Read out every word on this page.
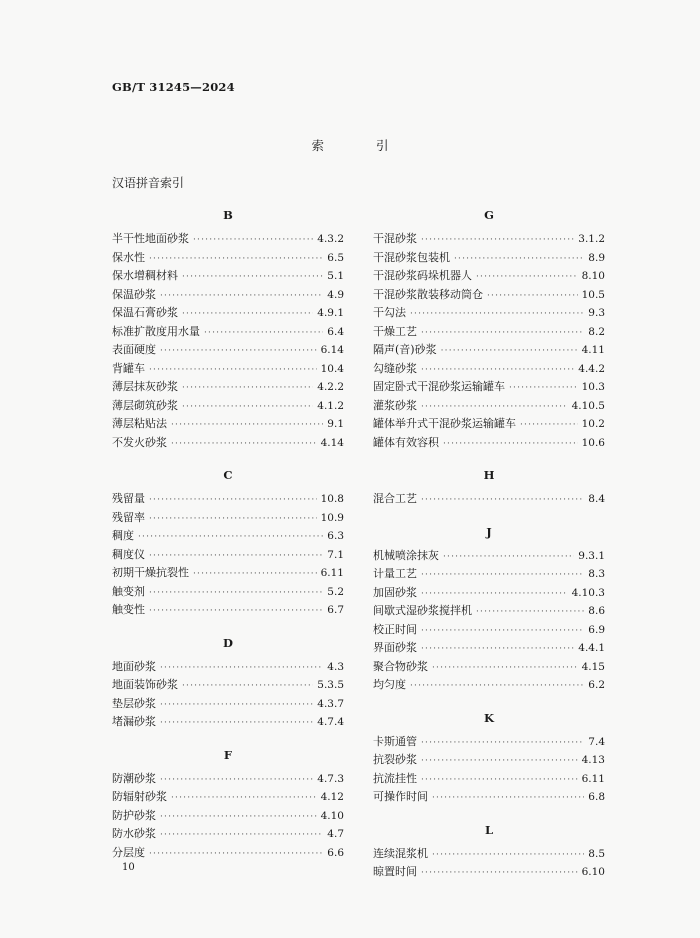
GB/T 31245—2024
索引
汉语拼音索引
B
半干性地面砂浆 ·····	4.3.2
保水性 ·····	6.5
保水增稠材料 ·····	5.1
保温砂浆 ·····	4.9
保温石膏砂浆 ·····	4.9.1
标准扩散度用水量 ·····	6.4
表面硬度 ·····	6.14
背罐车 ·····	10.4
薄层抹灰砂浆 ·····	4.2.2
薄层砌筑砂浆 ·····	4.1.2
薄层粘贴法 ·····	9.1
不发火砂浆 ·····	4.14
C
残留量 ·····	10.8
残留率 ·····	10.9
稠度 ·····	6.3
稠度仪 ·····	7.1
初期干燥抗裂性 ·····	6.11
触变剂 ·····	5.2
触变性 ·····	6.7
D
地面砂浆 ·····	4.3
地面装饰砂浆 ·····	5.3.5
垫层砂浆 ·····	4.3.7
堵漏砂浆 ·····	4.7.4
F
防潮砂浆 ·····	4.7.3
防辐射砂浆 ·····	4.12
防护砂浆 ·····	4.10
防水砂浆 ·····	4.7
分层度 ·····	6.6
G
干混砂浆 ·····	3.1.2
干混砂浆包装机 ·····	8.9
干混砂浆码垛机器人 ·····	8.10
干混砂浆散装移动筒仓 ·····	10.5
干勾法 ·····	9.3
干燥工艺 ·····	8.2
隔声(音)砂浆 ·····	4.11
勾缝砂浆 ·····	4.4.2
固定卧式干混砂浆运输罐车 ·····	10.3
灌浆砂浆 ·····	4.10.5
罐体举升式干混砂浆运输罐车 ·····	10.2
罐体有效容积 ·····	10.6
H
混合工艺 ·····	8.4
J
机械喷涂抹灰 ·····	9.3.1
计量工艺 ·····	8.3
加固砂浆 ·····	4.10.3
间歇式湿砂浆搅拌机 ·····	8.6
校正时间 ·····	6.9
界面砂浆 ·····	4.4.1
聚合物砂浆 ·····	4.15
均匀度 ·····	6.2
K
卡斯通管 ·····	7.4
抗裂砂浆 ·····	4.13
抗流挂性 ·····	6.11
可操作时间 ·····	6.8
L
连续混浆机 ·····	8.5
晾置时间 ·····	6.10
10
